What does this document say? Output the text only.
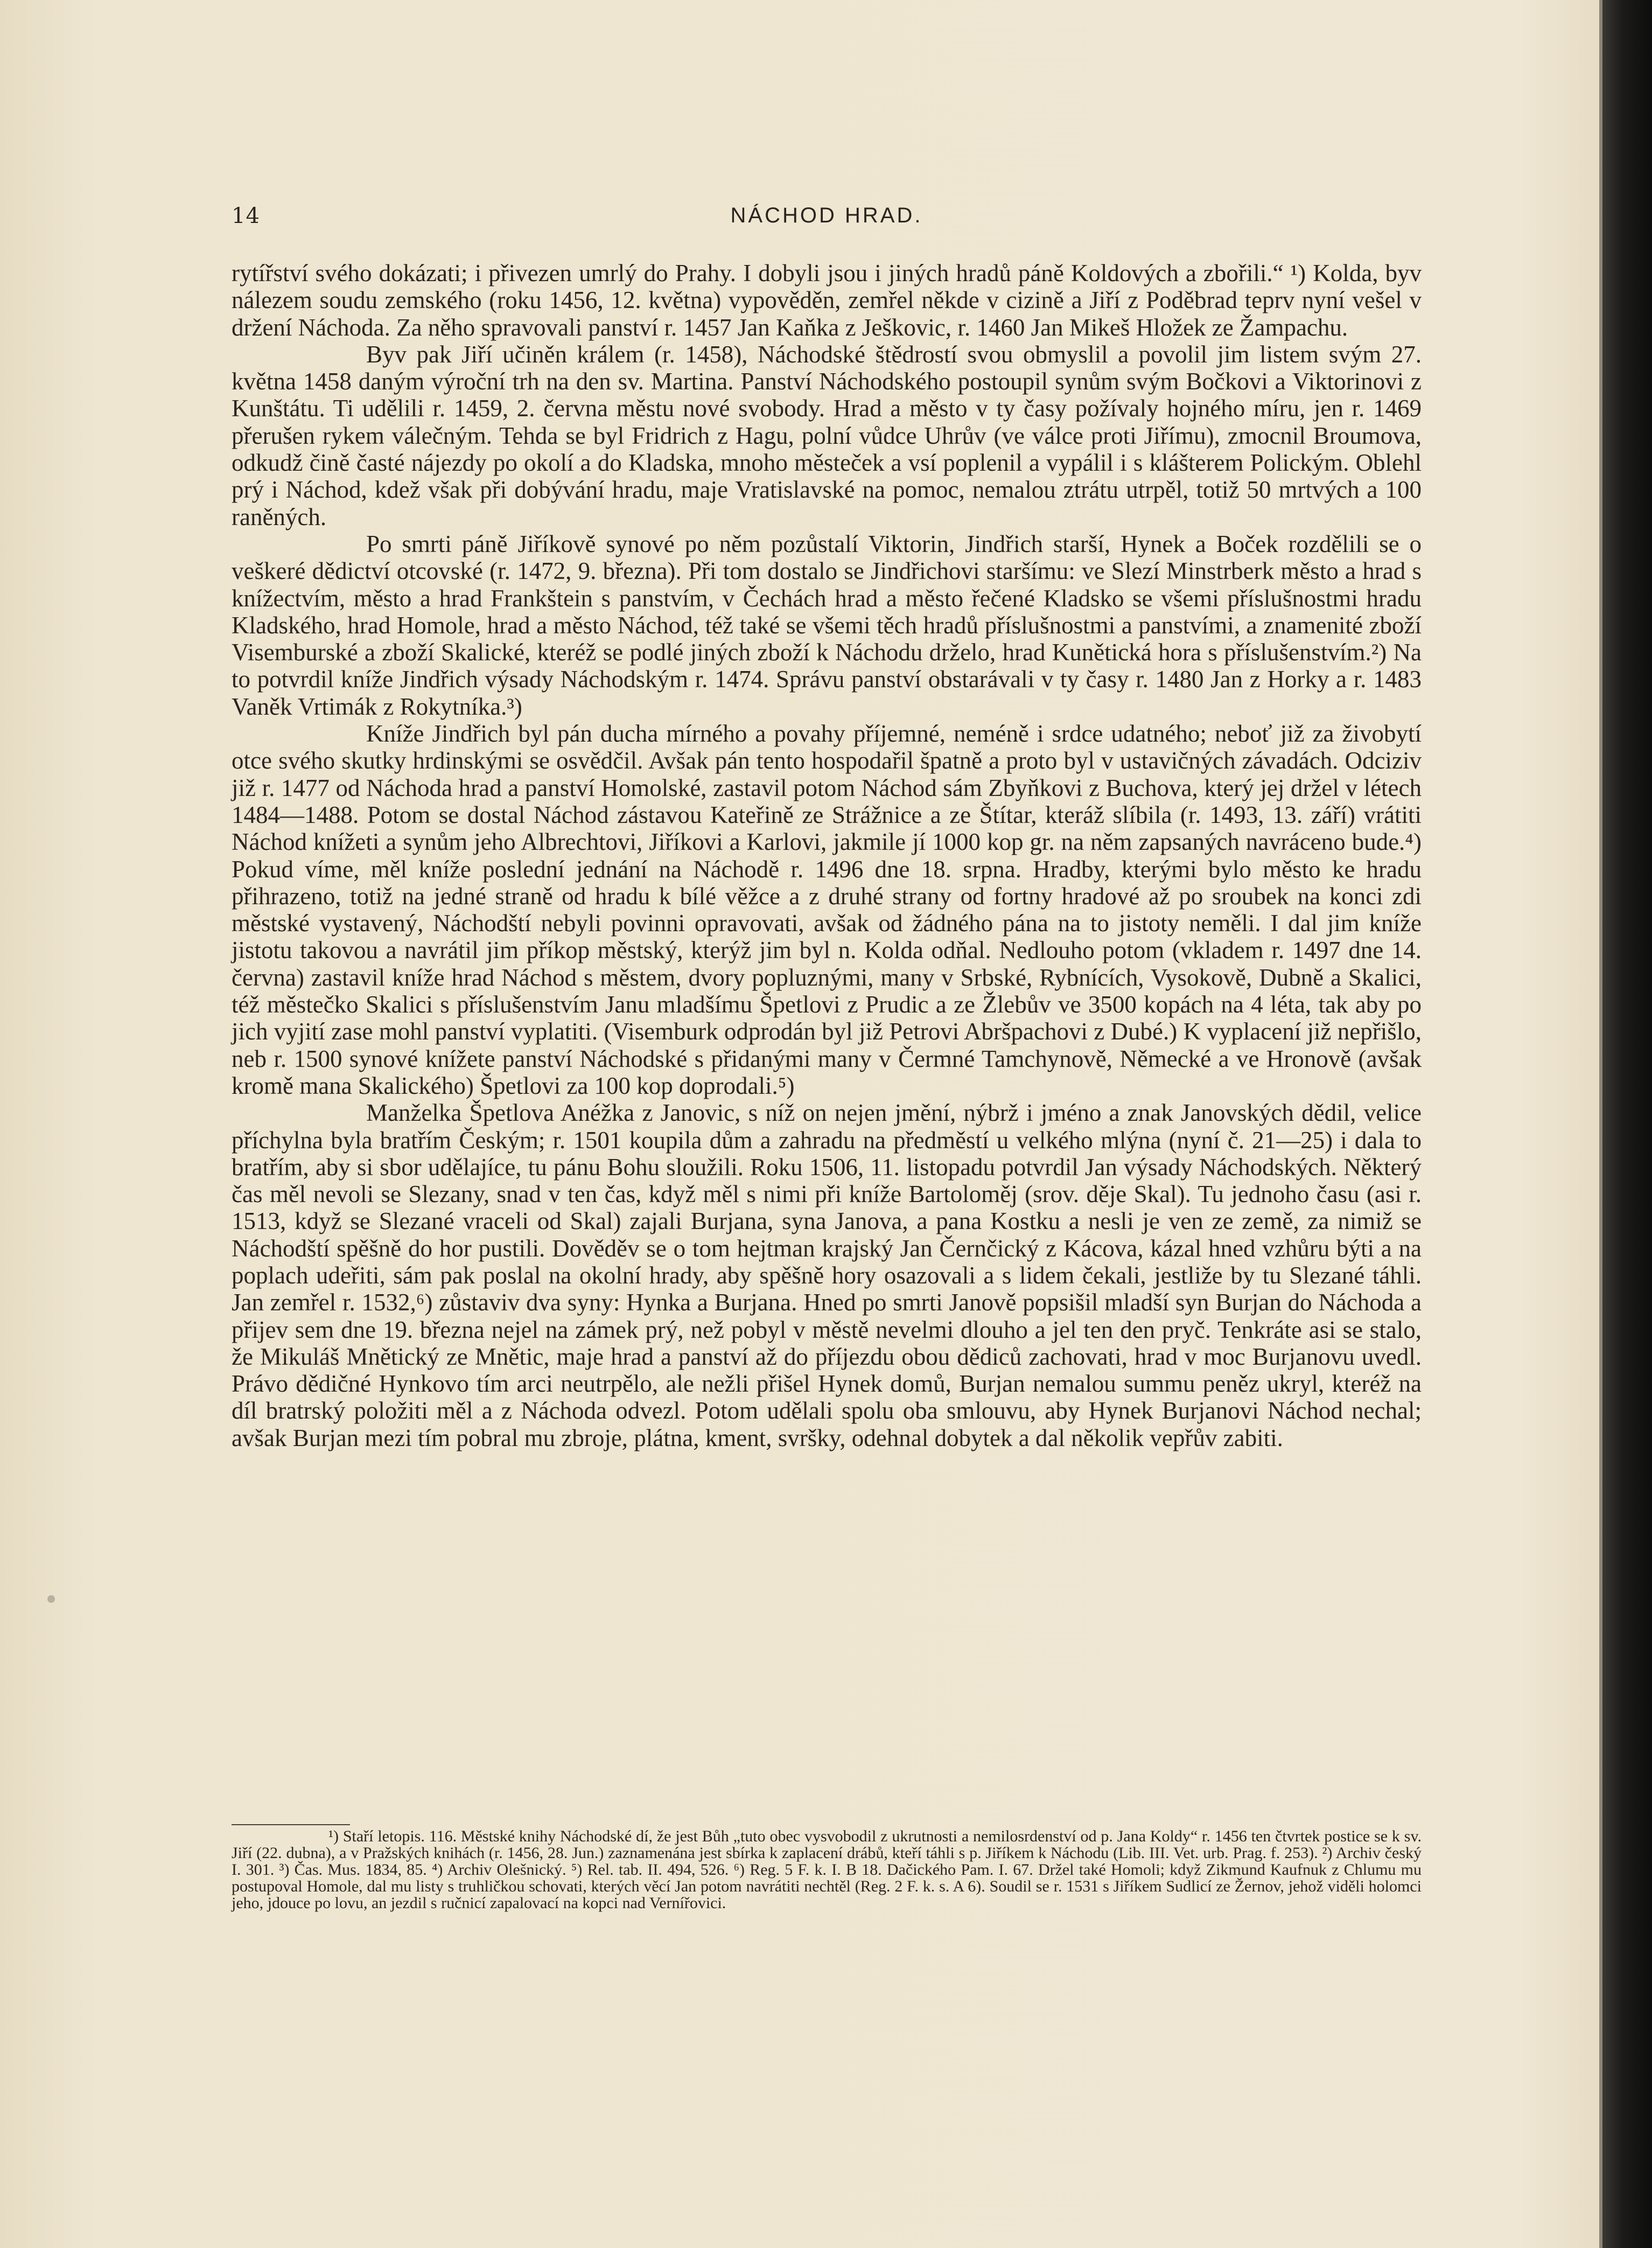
14	NÁCHOD HRAD.

rytířství svého dokázati; i přivezen umrlý do Prahy. I dobyli jsou i jiných hradů páně Koldových a zbořili.“ ¹) Kolda, byv nálezem soudu zemského (roku 1456, 12. května) vypověděn, zemřel někde v cizině a Jiří z Poděbrad teprv nyní vešel v držení Náchoda. Za něho spravovali panství r. 1457 Jan Kaňka z Ješkovic, r. 1460 Jan Mikeš Hložek ze Žampachu.

Byv pak Jiří učiněn králem (r. 1458), Náchodské štědrostí svou obmyslil a povolil jim listem svým 27. května 1458 daným výroční trh na den sv. Martina. Panství Náchodského postoupil synům svým Bočkovi a Viktorinovi z Kunštátu. Ti udělili r. 1459, 2. června městu nové svobody. Hrad a město v ty časy požívaly hojného míru, jen r. 1469 přerušen rykem válečným. Tehda se byl Fridrich z Hagu, polní vůdce Uhrův (ve válce proti Jiřímu), zmocnil Broumova, odkudž čině časté nájezdy po okolí a do Kladska, mnoho městeček a vsí poplenil a vypálil i s klášterem Polickým. Oblehl prý i Náchod, kdež však při dobývání hradu, maje Vratislavské na pomoc, nemalou ztrátu utrpěl, totiž 50 mrtvých a 100 raněných.

Po smrti páně Jiříkově synové po něm pozůstalí Viktorin, Jindřich starší, Hynek a Boček rozdělili se o veškeré dědictví otcovské (r. 1472, 9. března). Při tom dostalo se Jindřichovi staršímu: ve Slezí Minstrberk město a hrad s knížectvím, město a hrad Frankštein s panstvím, v Čechách hrad a město řečené Kladsko se všemi příslušnostmi hradu Kladského, hrad Homole, hrad a město Náchod, též také se všemi těch hradů příslušnostmi a panstvími, a znamenité zboží Visemburské a zboží Skalické, kteréž se podlé jiných zboží k Náchodu drželo, hrad Kunětická hora s příslušenstvím.²) Na to potvrdil kníže Jindřich výsady Náchodským r. 1474. Správu panství obstarávali v ty časy r. 1480 Jan z Horky a r. 1483 Vaněk Vrtimák z Rokytníka.³)

Kníže Jindřich byl pán ducha mírného a povahy příjemné, neméně i srdce udatného; neboť již za živobytí otce svého skutky hrdinskými se osvědčil. Avšak pán tento hospodařil špatně a proto byl v ustavičných závadách. Odciziv již r. 1477 od Náchoda hrad a panství Homolské, zastavil potom Náchod sám Zbyňkovi z Buchova, který jej držel v létech 1484—1488. Potom se dostal Náchod zástavou Kateřině ze Strážnice a ze Štítar, kteráž slíbila (r. 1493, 13. září) vrátiti Náchod knížeti a synům jeho Albrechtovi, Jiříkovi a Karlovi, jakmile jí 1000 kop gr. na něm zapsaných navráceno bude.⁴) Pokud víme, měl kníže poslední jednání na Náchodě r. 1496 dne 18. srpna. Hradby, kterými bylo město ke hradu přihrazeno, totiž na jedné straně od hradu k bílé věžce a z druhé strany od fortny hradové až po sroubek na konci zdi městské vystavený, Náchodští nebyli povinni opravovati, avšak od žádného pána na to jistoty neměli. I dal jim kníže jistotu takovou a navrátil jim příkop městský, kterýž jim byl n. Kolda odňal. Nedlouho potom (vkladem r. 1497 dne 14. června) zastavil kníže hrad Náchod s městem, dvory popluznými, many v Srbské, Rybnících, Vysokově, Dubně a Skalici, též městečko Skalici s příslušenstvím Janu mladšímu Špetlovi z Prudic a ze Žlebův ve 3500 kopách na 4 léta, tak aby po jich vyjití zase mohl panství vyplatiti. (Visemburk odprodán byl již Petrovi Abršpachovi z Dubé.) K vyplacení již nepřišlo, neb r. 1500 synové knížete panství Náchodské s přidanými many v Čermné Tamchynově, Německé a ve Hronově (avšak kromě mana Skalického) Špetlovi za 100 kop doprodali.⁵)

Manželka Špetlova Anéžka z Janovic, s níž on nejen jmění, nýbrž i jméno a znak Janovských dědil, velice příchylna byla bratřím Českým; r. 1501 koupila dům a zahradu na předměstí u velkého mlýna (nyní č. 21—25) i dala to bratřím, aby si sbor udělajíce, tu pánu Bohu sloužili. Roku 1506, 11. listopadu potvrdil Jan výsady Náchodských. Některý čas měl nevoli se Slezany, snad v ten čas, když měl s nimi při kníže Bartoloměj (srov. děje Skal). Tu jednoho času (asi r. 1513, když se Slezané vraceli od Skal) zajali Burjana, syna Janova, a pana Kostku a nesli je ven ze země, za nimiž se Náchodští spěšně do hor pustili. Dověděv se o tom hejtman krajský Jan Černčický z Kácova, kázal hned vzhůru býti a na poplach udeřiti, sám pak poslal na okolní hrady, aby spěšně hory osazovali a s lidem čekali, jestliže by tu Slezané táhli. Jan zemřel r. 1532,⁶) zůstaviv dva syny: Hynka a Burjana. Hned po smrti Janově popsišil mladší syn Burjan do Náchoda a přijev sem dne 19. března nejel na zámek prý, než pobyl v městě nevelmi dlouho a jel ten den pryč. Tenkráte asi se stalo, že Mikuláš Mnětický ze Mnětic, maje hrad a panství až do příjezdu obou dědiců zachovati, hrad v moc Burjanovu uvedl. Právo dědičné Hynkovo tím arci neutrpělo, ale nežli přišel Hynek domů, Burjan nemalou summu peněz ukryl, kteréž na díl bratrský položiti měl a z Náchoda odvezl. Potom udělali spolu oba smlouvu, aby Hynek Burjanovi Náchod nechal; avšak Burjan mezi tím pobral mu zbroje, plátna, kment, svršky, odehnal dobytek a dal několik vepřův zabiti.

¹) Staří letopis. 116. Městské knihy Náchodské dí, že jest Bůh „tuto obec vysvobodil z ukrutnosti a nemilosrdenství od p. Jana Koldy“ r. 1456 ten čtvrtek postice se k sv. Jiří (22. dubna), a v Pražských knihách (r. 1456, 28. Jun.) zaznamenána jest sbírka k zaplacení drábů, kteří táhli s p. Jiříkem k Náchodu (Lib. III. Vet. urb. Prag. f. 253). ²) Archiv český I. 301. ³) Čas. Mus. 1834, 85. ⁴) Archiv Olešnický. ⁵) Rel. tab. II. 494, 526. ⁶) Reg. 5 F. k. I. B 18. Dačického Pam. I. 67. Držel také Homoli; když Zikmund Kaufnuk z Chlumu mu postupoval Homole, dal mu listy s truhličkou schovati, kterých věcí Jan potom navrátiti nechtěl (Reg. 2 F. k. s. A 6). Soudil se r. 1531 s Jiříkem Sudlicí ze Žernov, jehož viděli holomci jeho, jdouce po lovu, an jezdil s ručnicí zapalovací na kopci nad Vernířovici.
